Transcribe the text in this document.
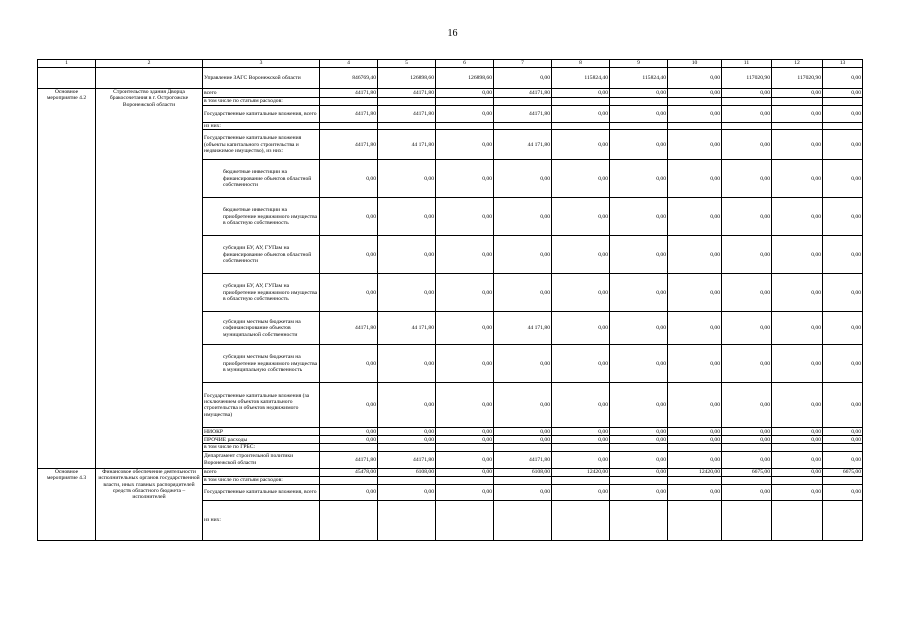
16
1	2	3	4	5	6	7	8	9	10	11	12	13
		Управление ЗАГС Воронежской области	846769,40	126898,60	126898,60	0,00	115824,40	115824,40	0,00	117020,90	117020,90	0,00
Основное мероприятие 4.2	Строительство здания Дворца бракосочетания в г. Острогожске Воронежской области	всего	44171,80	44171,80	0,00	44171,80	0,00	0,00	0,00	0,00	0,00	0,00
		в том числе по статьям расходов:										
		Государственные капитальные вложения, всего	44171,80	44171,80	0,00	44171,80	0,00	0,00	0,00	0,00	0,00	0,00
		из них:										
		Государственные капитальные вложения (объекты капитального строительства и недвижимое имущество), из них:	44171,80	44 171,80	0,00	44 171,80	0,00	0,00	0,00	0,00	0,00	0,00
		бюджетные инвестиции на финансирование объектов областной собственности	0,00	0,00	0,00	0,00	0,00	0,00	0,00	0,00	0,00	0,00
		бюджетные инвестиции на приобретение недвижимого имущества в областную собственность	0,00	0,00	0,00	0,00	0,00	0,00	0,00	0,00	0,00	0,00
		субсидии БУ, АУ, ГУПам на финансирование объектов областной собственности	0,00	0,00	0,00	0,00	0,00	0,00	0,00	0,00	0,00	0,00
		субсидии БУ, АУ, ГУПам на приобретение недвижимого имущества в областную собственность	0,00	0,00	0,00	0,00	0,00	0,00	0,00	0,00	0,00	0,00
		субсидии местным бюджетам на софинансирование объектов муниципальной собственности	44171,80	44 171,80	0,00	44 171,80	0,00	0,00	0,00	0,00	0,00	0,00
		субсидии местным бюджетам на приобретение недвижимого имущества в муниципальную собственность	0,00	0,00	0,00	0,00	0,00	0,00	0,00	0,00	0,00	0,00
		Государственные капитальные вложения (за исключением объектов капитального строительства и объектов недвижимого имущества)	0,00	0,00	0,00	0,00	0,00	0,00	0,00	0,00	0,00	0,00
		НИОКР	0,00	0,00	0,00	0,00	0,00	0,00	0,00	0,00	0,00	0,00
		ПРОЧИЕ расходы	0,00	0,00	0,00	0,00	0,00	0,00	0,00	0,00	0,00	0,00
		в том числе по ГРБС:										
		Департамент строительной политики Воронежской области	44171,80	44171,80	0,00	44171,80	0,00	0,00	0,00	0,00	0,00	0,00
Основное мероприятие 4.3	Финансовое обеспечение деятельности исполнительных органов государственной власти, иных главных распорядителей средств областного бюджета – исполнителей	всего	45478,00	6108,00	0,00	6108,00	12420,00	0,00	12420,00	6675,00	0,00	6675,00
		в том числе по статьям расходов:										
		Государственные капитальные вложения, всего	0,00	0,00	0,00	0,00	0,00	0,00	0,00	0,00	0,00	0,00
		из них:										
